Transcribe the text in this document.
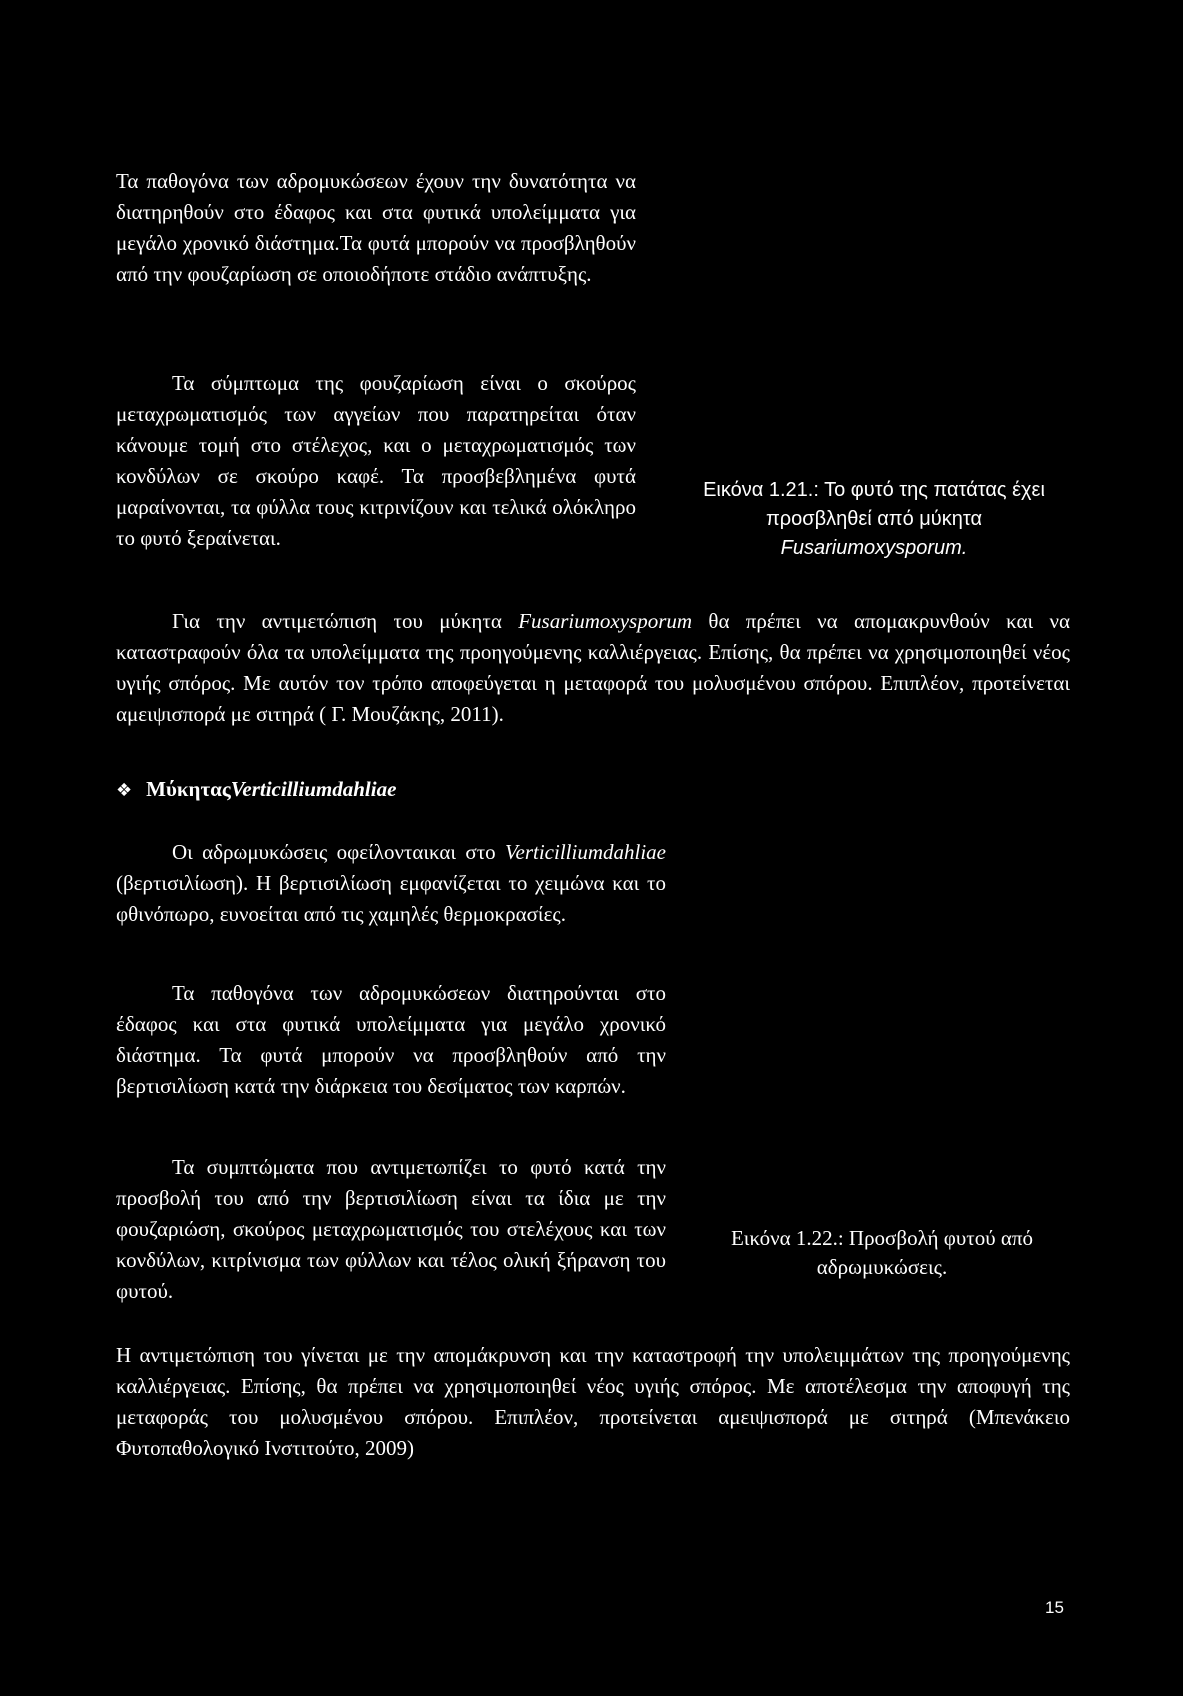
Τα παθογόνα των αδρομυκώσεων έχουν την δυνατότητα να διατηρηθούν στο έδαφος και στα φυτικά υπολείμματα για μεγάλο χρονικό διάστημα.Τα φυτά μπορούν να προσβληθούν από την φουζαρίωση σε οποιοδήποτε στάδιο ανάπτυξης.

Τα σύμπτωμα της φουζαρίωση είναι ο σκούρος μεταχρωματισμός των αγγείων που παρατηρείται όταν κάνουμε τομή στο στέλεχος, και ο μεταχρωματισμός των κονδύλων σε σκούρο καφέ. Τα προσβεβλημένα φυτά μαραίνονται, τα φύλλα τους κιτρινίζουν και τελικά ολόκληρο το φυτό ξεραίνεται.

Εικόνα 1.21.: Το φυτό της πατάτας έχει
προσβληθεί από μύκητα
Fusariumoxysporum.

Για την αντιμετώπιση του μύκητα Fusariumoxysporum θα πρέπει να απομακρυνθούν και να καταστραφούν όλα τα υπολείμματα της προηγούμενης καλλιέργειας. Επίσης, θα πρέπει να χρησιμοποιηθεί νέος υγιής σπόρος. Με αυτόν τον τρόπο αποφεύγεται η μεταφορά του μολυσμένου σπόρου. Επιπλέον, προτείνεται αμειψισπορά με σιτηρά ( Γ. Μουζάκης, 2011).

❖ ΜύκηταςVerticilliumdahliae

Οι αδρωμυκώσεις οφείλονταικαι στο Verticilliumdahliae (βερτισιλίωση). Η βερτισιλίωση εμφανίζεται το χειμώνα και το φθινόπωρο, ευνοείται από τις χαμηλές θερμοκρασίες.

Τα παθογόνα των αδρομυκώσεων διατηρούνται στο έδαφος και στα φυτικά υπολείμματα για μεγάλο χρονικό διάστημα. Τα φυτά μπορούν να προσβληθούν από την βερτισιλίωση κατά την διάρκεια του δεσίματος των καρπών.

Τα συμπτώματα που αντιμετωπίζει το φυτό κατά την προσβολή του από την βερτισιλίωση είναι τα ίδια με την φουζαριώση, σκούρος μεταχρωματισμός του στελέχους και των κονδύλων, κιτρίνισμα των φύλλων και τέλος ολική ξήρανση του φυτού.

Εικόνα 1.22.: Προσβολή φυτού από
αδρωμυκώσεις.

Η αντιμετώπιση του γίνεται με την απομάκρυνση και την καταστροφή την υπολειμμάτων της προηγούμενης καλλιέργειας. Επίσης, θα πρέπει να χρησιμοποιηθεί νέος υγιής σπόρος. Με αποτέλεσμα την αποφυγή της μεταφοράς του μολυσμένου σπόρου. Επιπλέον, προτείνεται αμειψισπορά με σιτηρά (Μπενάκειο Φυτοπαθολογικό Ινστιτούτο, 2009)

15
